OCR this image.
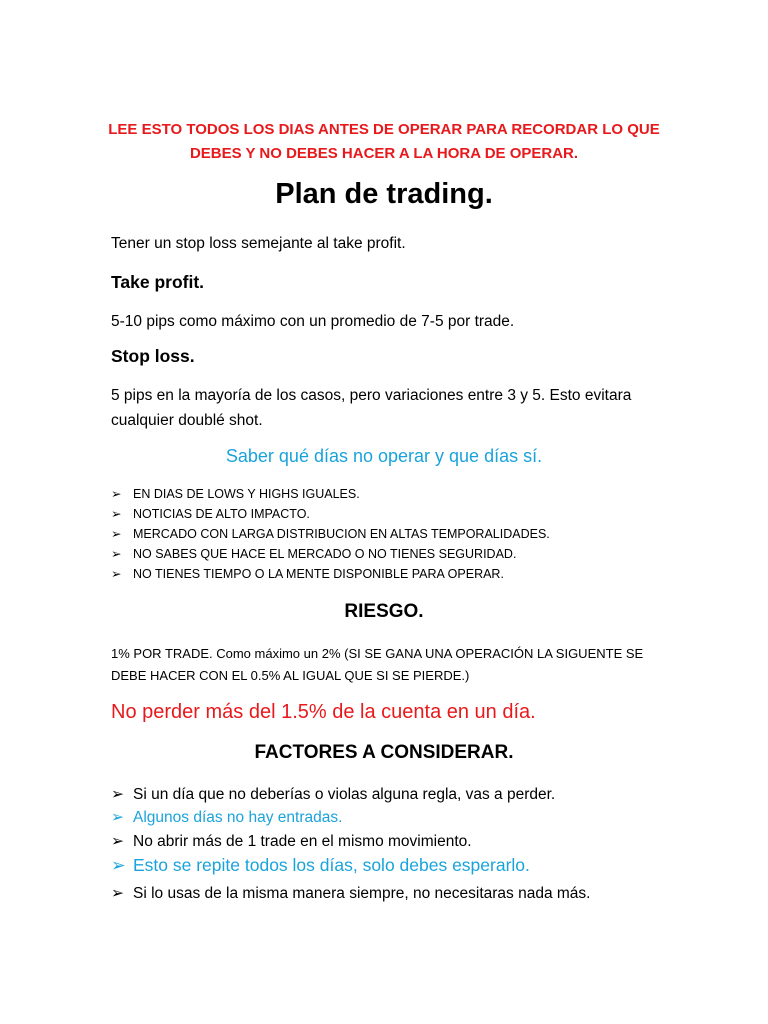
LEE ESTO TODOS LOS DIAS ANTES DE OPERAR PARA RECORDAR LO QUE
DEBES Y NO DEBES HACER A LA HORA DE OPERAR.
Plan de trading.
Tener un stop loss semejante al take profit.
Take profit.
5-10 pips como máximo con un promedio de 7-5 por trade.
Stop loss.
5 pips en la mayoría de los casos, pero variaciones entre 3 y 5. Esto evitara cualquier doublé shot.
Saber qué días no operar y que días sí.
➢ EN DIAS DE LOWS Y HIGHS IGUALES.
➢ NOTICIAS DE ALTO IMPACTO.
➢ MERCADO CON LARGA DISTRIBUCION EN ALTAS TEMPORALIDADES.
➢ NO SABES QUE HACE EL MERCADO O NO TIENES SEGURIDAD.
➢ NO TIENES TIEMPO O LA MENTE DISPONIBLE PARA OPERAR.
RIESGO.
1% POR TRADE. Como máximo un 2% (SI SE GANA UNA OPERACIÓN LA SIGUENTE SE DEBE HACER CON EL 0.5% AL IGUAL QUE SI SE PIERDE.)
No perder más del 1.5% de la cuenta en un día.
FACTORES A CONSIDERAR.
➢ Si un día que no deberías o violas alguna regla, vas a perder.
➢ Algunos días no hay entradas.
➢ No abrir más de 1 trade en el mismo movimiento.
➢ Esto se repite todos los días, solo debes esperarlo.
➢ Si lo usas de la misma manera siempre, no necesitaras nada más.
